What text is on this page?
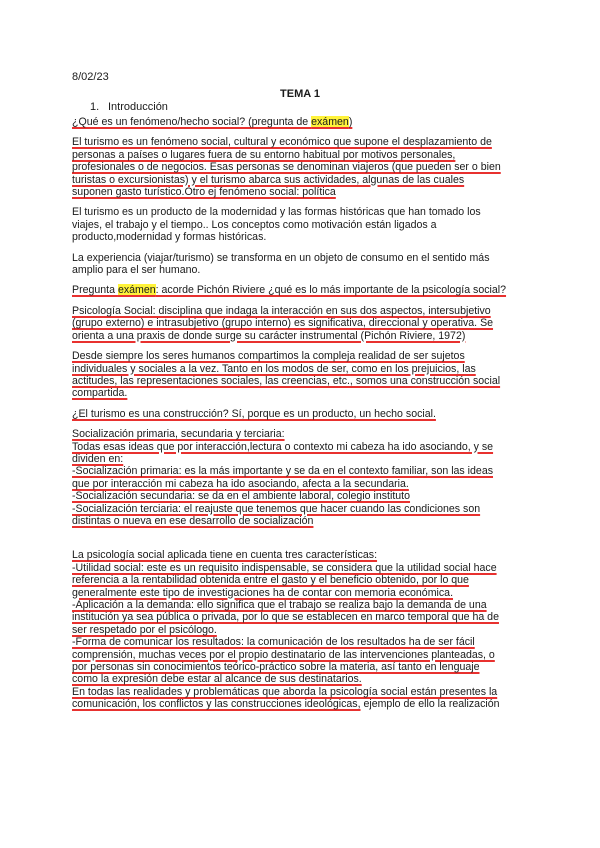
8/02/23
TEMA 1
1. Introducción

¿Qué es un fenómeno/hecho social? (pregunta de exámen)

El turismo es un fenómeno social, cultural y económico que supone el desplazamiento de
personas a países o lugares fuera de su entorno habitual por motivos personales,
profesionales o de negocios. Esas personas se denominan viajeros (que pueden ser o bien
turistas o excursionistas) y el turismo abarca sus actividades, algunas de las cuales
suponen gasto turístico.Otro ej fenómeno social: política

El turismo es un producto de la modernidad y las formas históricas que han tomado los
viajes, el trabajo y el tiempo.. Los conceptos como motivación están ligados a
producto,modernidad y formas históricas.

La experiencia (viajar/turismo) se transforma en un objeto de consumo en el sentido más
amplio para el ser humano.

Pregunta exámen: acorde Pichón Riviere ¿qué es lo más importante de la psicología social?

Psicología Social: disciplina que indaga la interacción en sus dos aspectos, intersubjetivo
(grupo externo) e intrasubjetivo (grupo interno) es significativa, direccional y operativa. Se
orienta a una praxis de donde surge su carácter instrumental (Pichón Riviere, 1972)

Desde siempre los seres humanos compartimos la compleja realidad de ser sujetos
individuales y sociales a la vez. Tanto en los modos de ser, como en los prejuicios, las
actitudes, las representaciones sociales, las creencias, etc., somos una construcción social
compartida.

¿El turismo es una construcción? Sí, porque es un producto, un hecho social.

Socialización primaria, secundaria y terciaria:
Todas esas ideas que por interacción,lectura o contexto mi cabeza ha ido asociando, y se
dividen en:
-Socialización primaria: es la más importante y se da en el contexto familiar, son las ideas
que por interacción mi cabeza ha ido asociando, afecta a la secundaria.
-Socialización secundaria: se da en el ambiente laboral, colegio instituto
-Socialización terciaria: el reajuste que tenemos que hacer cuando las condiciones son
distintas o nueva en ese desarrollo de socialización

La psicología social aplicada tiene en cuenta tres características:
-Utilidad social: este es un requisito indispensable, se considera que la utilidad social hace
referencia a la rentabilidad obtenida entre el gasto y el beneficio obtenido, por lo que
generalmente este tipo de investigaciones ha de contar con memoria económica.
-Aplicación a la demanda: ello significa que el trabajo se realiza bajo la demanda de una
institución ya sea pública o privada, por lo que se establecen en marco temporal que ha de
ser respetado por el psicólogo.
-Forma de comunicar los resultados: la comunicación de los resultados ha de ser fácil
comprensión, muchas veces por el propio destinatario de las intervenciones planteadas, o
por personas sin conocimientos teórico-práctico sobre la materia, así tanto en lenguaje
como la expresión debe estar al alcance de sus destinatarios.
En todas las realidades y problemáticas que aborda la psicología social están presentes la
comunicación, los conflictos y las construcciones ideológicas, ejemplo de ello la realización
